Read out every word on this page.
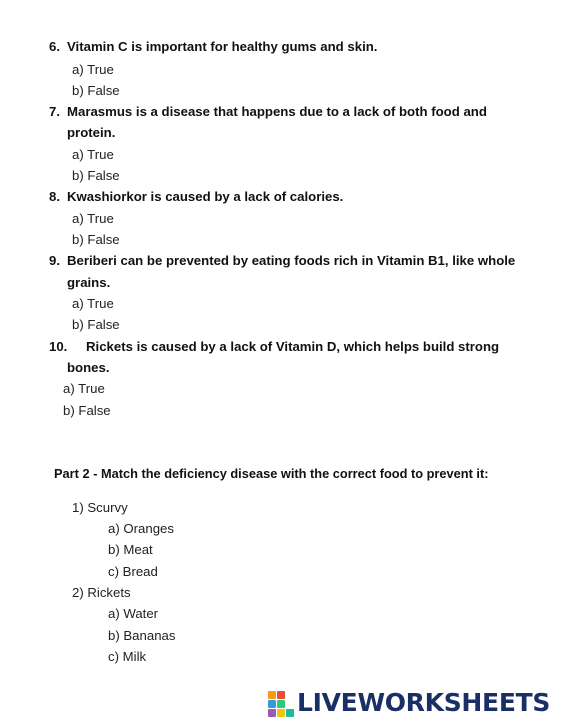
6. Vitamin C is important for healthy gums and skin.
a) True
b) False
7. Marasmus is a disease that happens due to a lack of both food and
protein.
a) True
b) False
8. Kwashiorkor is caused by a lack of calories.
a) True
b) False
9. Beriberi can be prevented by eating foods rich in Vitamin B1, like whole
grains.
a) True
b) False
10. Rickets is caused by a lack of Vitamin D, which helps build strong
bones.
a) True
b) False
Part 2 - Match the deficiency disease with the correct food to prevent it:
1) Scurvy
a) Oranges
b) Meat
c) Bread
2) Rickets
a) Water
b) Bananas
c) Milk
LIVEWORKSHEETS
